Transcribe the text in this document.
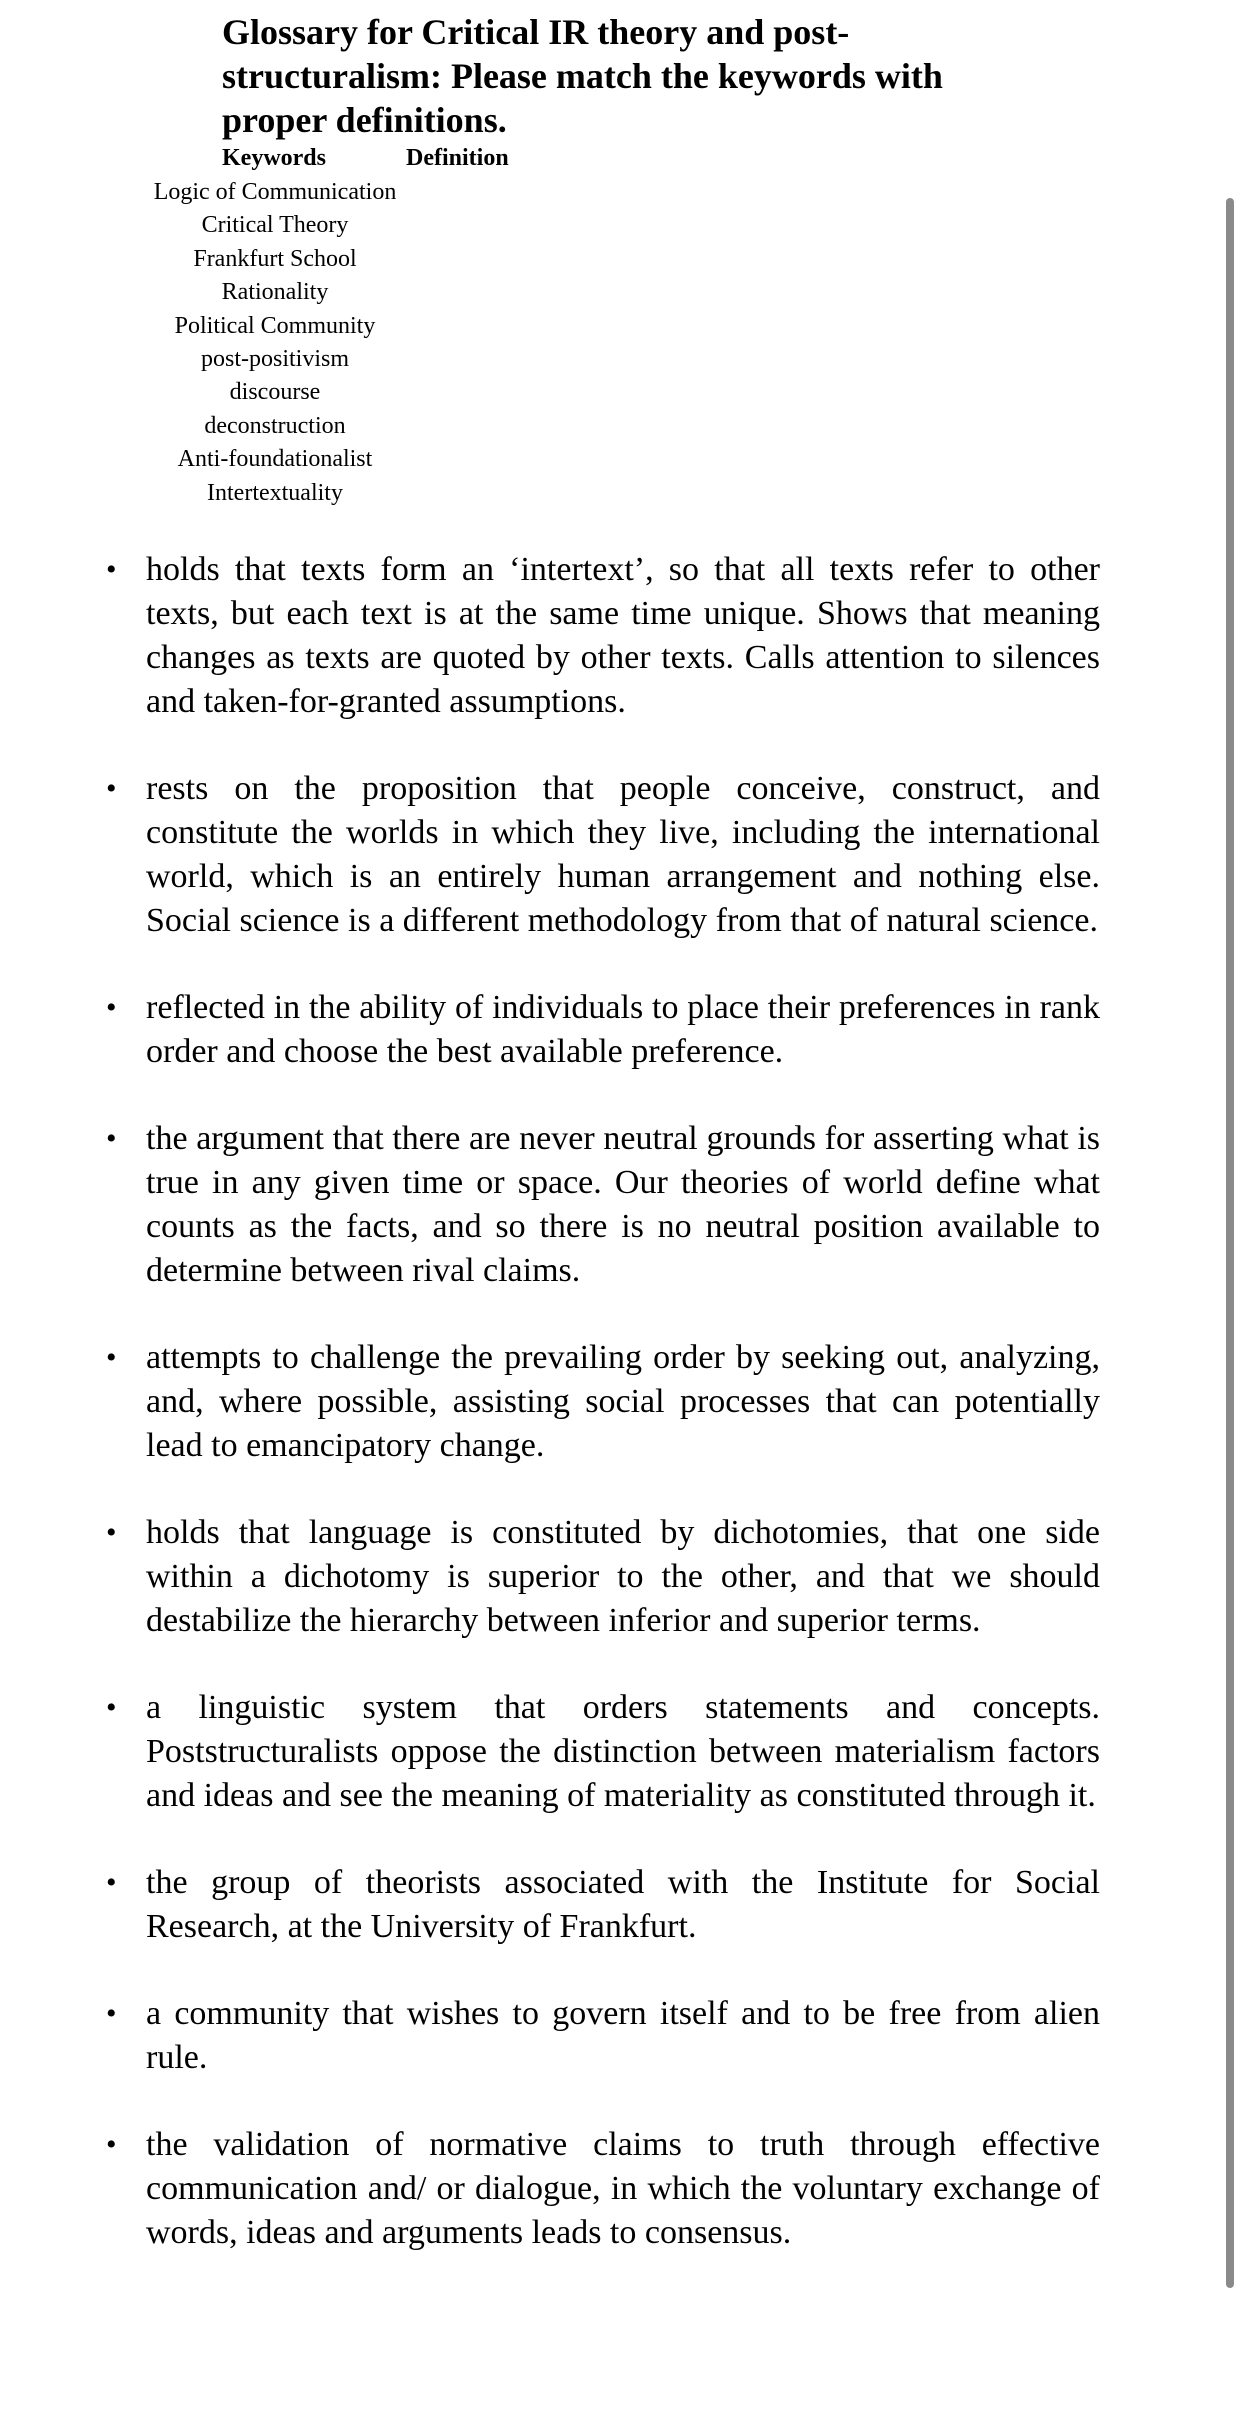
Glossary for Critical IR theory and post-structuralism: Please match the keywords with proper definitions.
Keywords	Definition
Logic of Communication
Critical Theory
Frankfurt School
Rationality
Political Community
post-positivism
discourse
deconstruction
Anti-foundationalist
Intertextuality
• holds that texts form an ‘intertext’, so that all texts refer to other texts, but each text is at the same time unique. Shows that meaning changes as texts are quoted by other texts. Calls attention to silences and taken-for-granted assumptions.
• rests on the proposition that people conceive, construct, and constitute the worlds in which they live, including the international world, which is an entirely human arrangement and nothing else. Social science is a different methodology from that of natural science.
• reflected in the ability of individuals to place their preferences in rank order and choose the best available preference.
• the argument that there are never neutral grounds for asserting what is true in any given time or space. Our theories of world define what counts as the facts, and so there is no neutral position available to determine between rival claims.
• attempts to challenge the prevailing order by seeking out, analyzing, and, where possible, assisting social processes that can potentially lead to emancipatory change.
• holds that language is constituted by dichotomies, that one side within a dichotomy is superior to the other, and that we should destabilize the hierarchy between inferior and superior terms.
• a linguistic system that orders statements and concepts. Poststructuralists oppose the distinction between materialism factors and ideas and see the meaning of materiality as constituted through it.
• the group of theorists associated with the Institute for Social Research, at the University of Frankfurt.
• a community that wishes to govern itself and to be free from alien rule.
• the validation of normative claims to truth through effective communication and/ or dialogue, in which the voluntary exchange of words, ideas and arguments leads to consensus.
